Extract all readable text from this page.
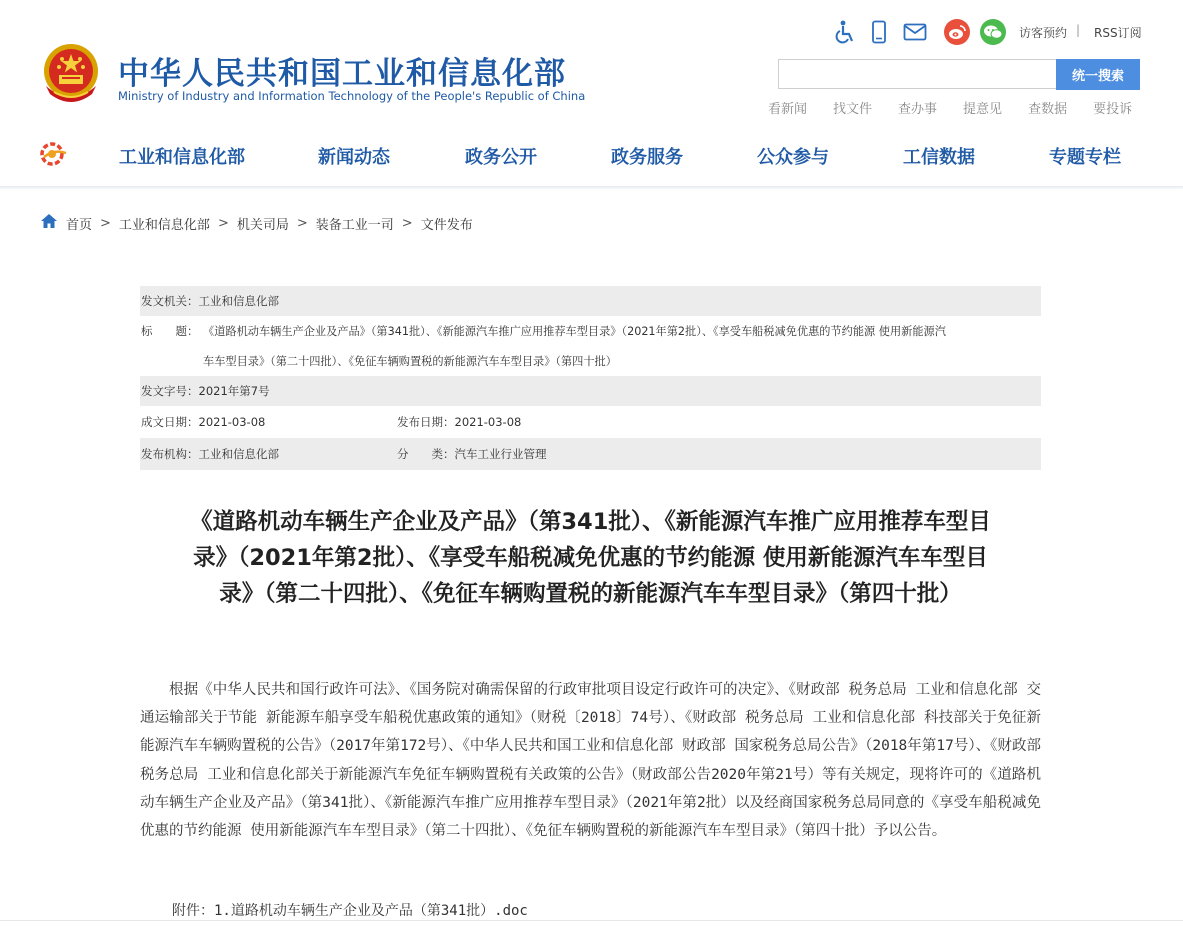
中华人民共和国工业和信息化部
Ministry of Industry and Information Technology of the People's Republic of China
访客预约 | RSS订阅
统一搜索
看新闻 找文件 查办事 提意见 查数据 要投诉
工业和信息化部	新闻动态	政务公开	政务服务	公众参与	工信数据	专题专栏
首页 > 工业和信息化部 > 机关司局 > 装备工业一司 > 文件发布
发文机关：工业和信息化部
标　　题： 《道路机动车辆生产企业及产品》（第341批）、《新能源汽车推广应用推荐车型目录》（2021年第2批）、《享受车船税减免优惠的节约能源 使用新能源汽
车车型目录》（第二十四批）、《免征车辆购置税的新能源汽车车型目录》（第四十批）
发文字号：2021年第7号
成文日期：2021-03-08	发布日期：2021-03-08
发布机构：工业和信息化部	分　　类：汽车工业行业管理
《道路机动车辆生产企业及产品》（第341批）、《新能源汽车推广应用推荐车型目
录》（2021年第2批）、《享受车船税减免优惠的节约能源 使用新能源汽车车型目
录》（第二十四批）、《免征车辆购置税的新能源汽车车型目录》（第四十批）

根据《中华人民共和国行政许可法》、《国务院对确需保留的行政审批项目设定行政许可的决定》、《财政部 税务总局 工业和信息化部 交通运输部关于节能 新能源车船享受车船税优惠政策的通知》（财税〔2018〕74号）、《财政部 税务总局 工业和信息化部 科技部关于免征新能源汽车车辆购置税的公告》（2017年第172号）、《中华人民共和国工业和信息化部 财政部 国家税务总局公告》（2018年第17号）、《财政部 税务总局 工业和信息化部关于新能源汽车免征车辆购置税有关政策的公告》（财政部公告2020年第21号）等有关规定，现将许可的《道路机动车辆生产企业及产品》（第341批）、《新能源汽车推广应用推荐车型目录》（2021年第2批）以及经商国家税务总局同意的《享受车船税减免优惠的节约能源 使用新能源汽车车型目录》（第二十四批）、《免征车辆购置税的新能源汽车车型目录》（第四十批）予以公告。

附件：1.道路机动车辆生产企业及产品（第341批）.doc
